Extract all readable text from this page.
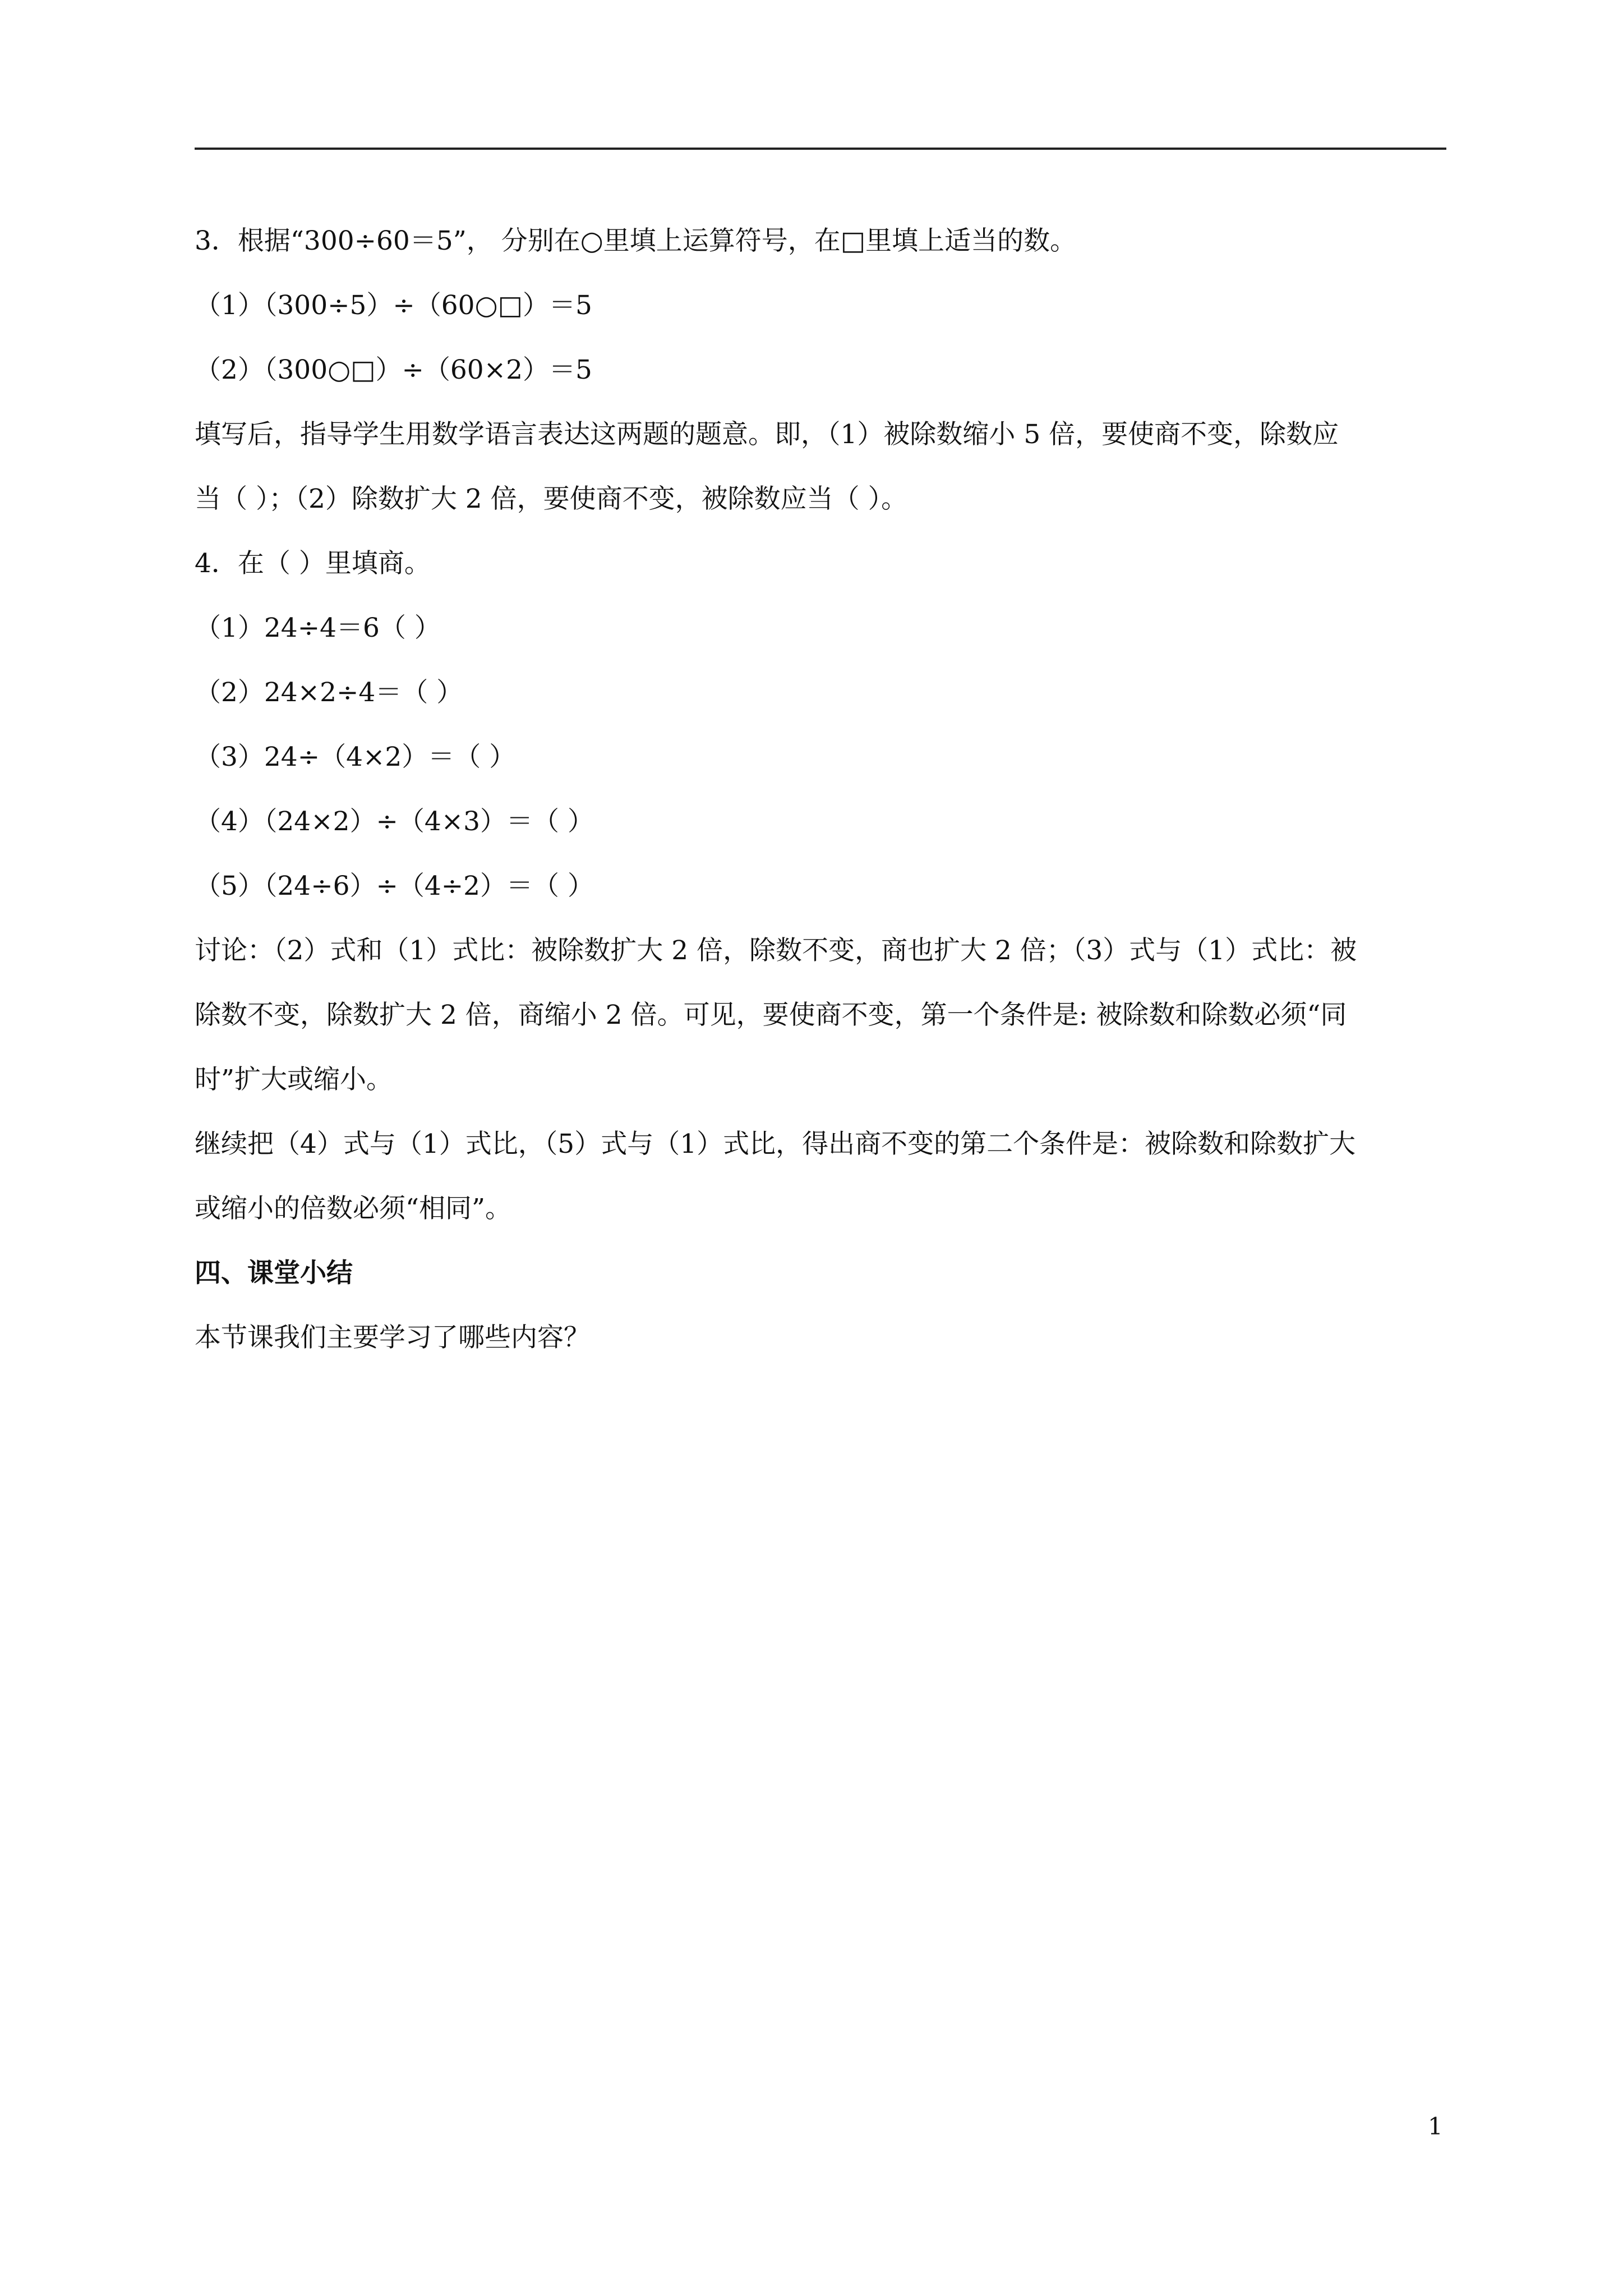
3．根据“300÷60＝5”， 分别在○里填上运算符号，在□里填上适当的数。

（1）（300÷5）÷（60○□）＝5

（2）（300○□）÷（60×2）＝5

填写后，指导学生用数学语言表达这两题的题意。即，（1）被除数缩小 5 倍，要使商不变，除数应

当（ ）；（2）除数扩大 2 倍，要使商不变，被除数应当（ ）。

4．在（ ）里填商。

（1）24÷4＝6（ ）

（2）24×2÷4＝（ ）

（3）24÷（4×2）＝（ ）

（4）（24×2）÷（4×3）＝（ ）

（5）（24÷6）÷（4÷2）＝（ ）

讨论：（2）式和（1）式比：被除数扩大 2 倍，除数不变，商也扩大 2 倍；（3）式与（1）式比：被

除数不变，除数扩大 2 倍，商缩小 2 倍。可见，要使商不变，第一个条件是: 被除数和除数必须“同

时”扩大或缩小。

继续把（4）式与（1）式比，（5）式与（1）式比，得出商不变的第二个条件是：被除数和除数扩大

或缩小的倍数必须“相同”。

四、课堂小结

本节课我们主要学习了哪些内容？

1
